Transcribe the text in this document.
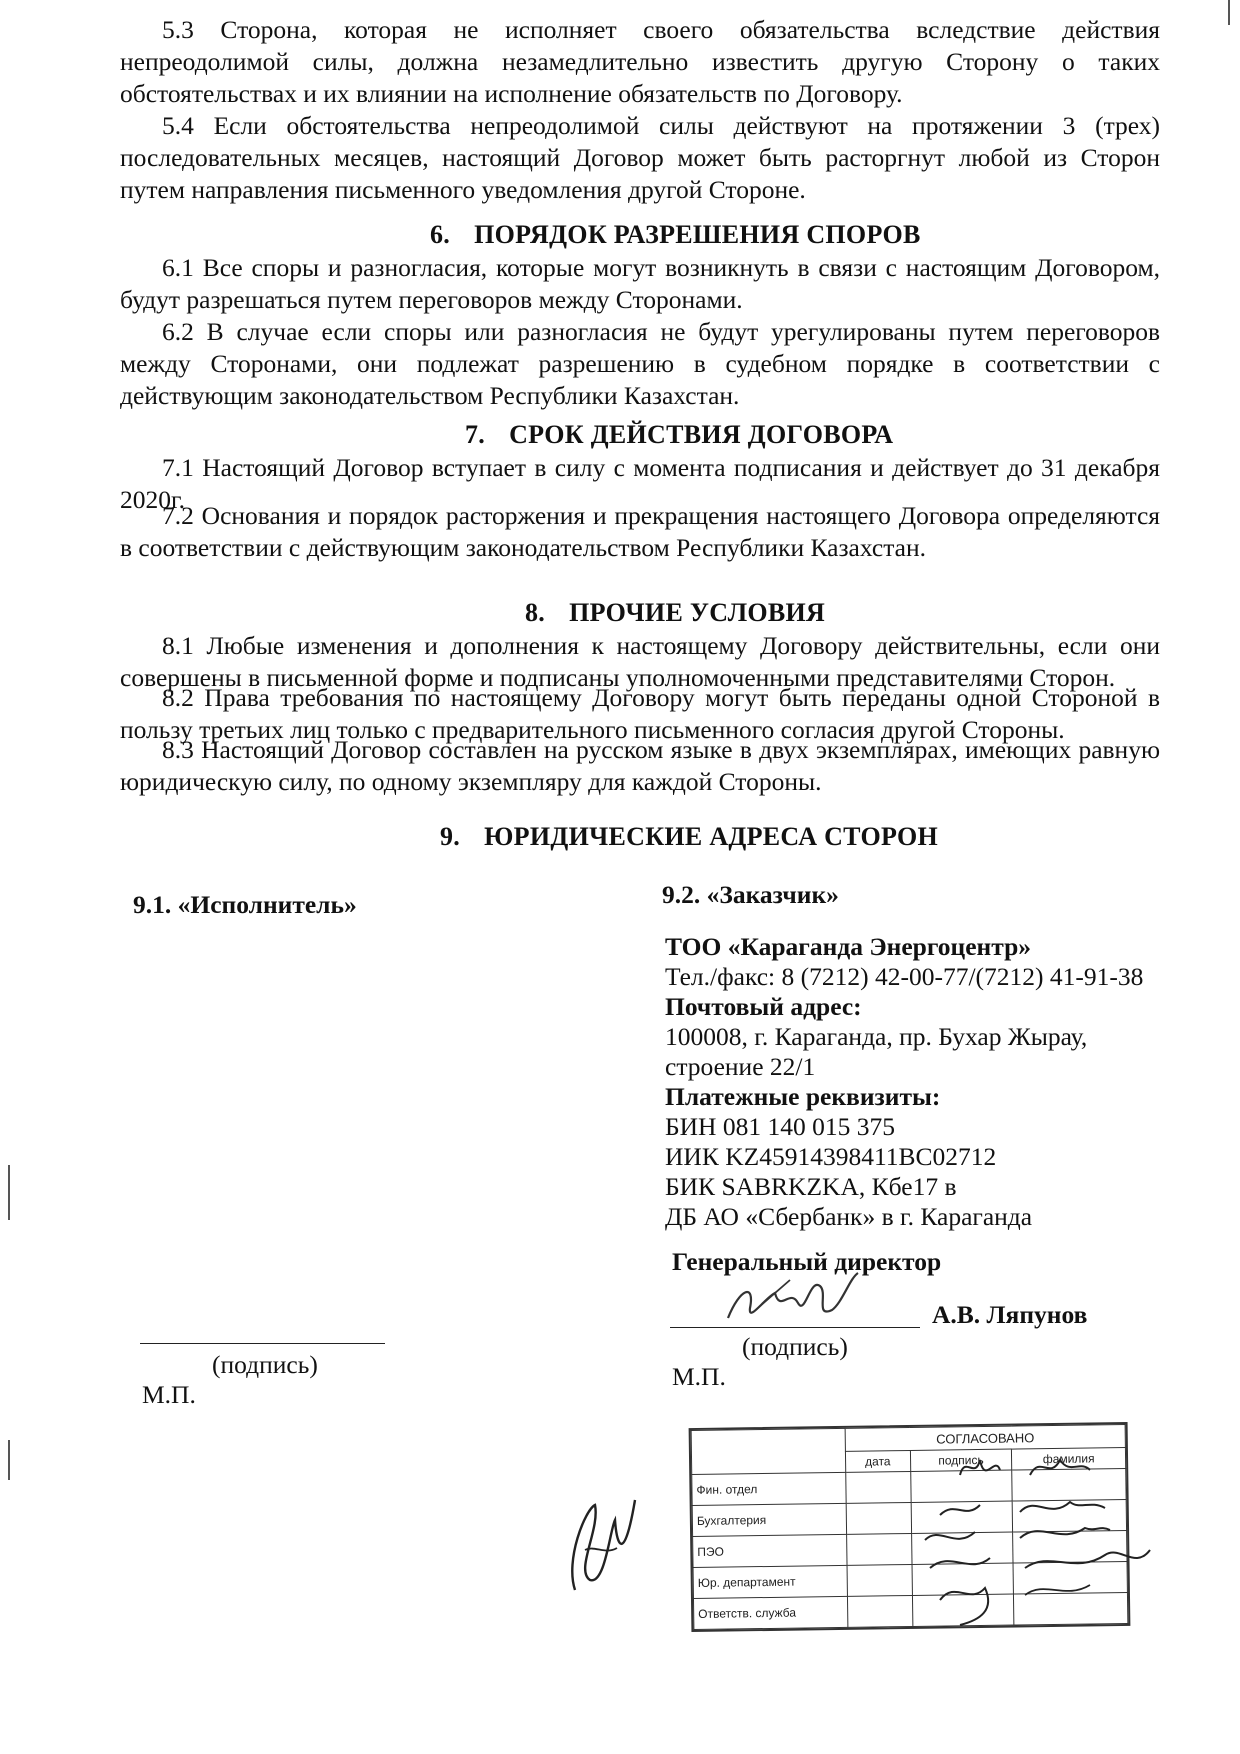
5.3 Сторона, которая не исполняет своего обязательства вследствие действия непреодолимой силы, должна незамедлительно известить другую Сторону о таких обстоятельствах и их влиянии на исполнение обязательств по Договору.

5.4 Если обстоятельства непреодолимой силы действуют на протяжении 3 (трех) последовательных месяцев, настоящий Договор может быть расторгнут любой из Сторон путем направления письменного уведомления другой Стороне.

6. ПОРЯДОК РАЗРЕШЕНИЯ СПОРОВ

6.1 Все споры и разногласия, которые могут возникнуть в связи с настоящим Договором, будут разрешаться путем переговоров между Сторонами.

6.2 В случае если споры или разногласия не будут урегулированы путем переговоров между Сторонами, они подлежат разрешению в судебном порядке в соответствии с действующим законодательством Республики Казахстан.

7. СРОК ДЕЙСТВИЯ ДОГОВОРА

7.1 Настоящий Договор вступает в силу с момента подписания и действует до 31 декабря 2020г.

7.2 Основания и порядок расторжения и прекращения настоящего Договора определяются в соответствии с действующим законодательством Республики Казахстан.

8. ПРОЧИЕ УСЛОВИЯ

8.1 Любые изменения и дополнения к настоящему Договору действительны, если они совершены в письменной форме и подписаны уполномоченными представителями Сторон.

8.2 Права требования по настоящему Договору могут быть переданы одной Стороной в пользу третьих лиц только с предварительного письменного согласия другой Стороны.

8.3 Настоящий Договор составлен на русском языке в двух экземплярах, имеющих равную юридическую силу, по одному экземпляру для каждой Стороны.

9. ЮРИДИЧЕСКИЕ АДРЕСА СТОРОН
9.1. «Исполнитель»
(подпись)
М.П.
9.2. «Заказчик»
ТОО «Караганда Энергоцентр»
Тел./факс: 8 (7212) 42-00-77/(7212) 41-91-38
Почтовый адрес:
100008, г. Караганда, пр. Бухар Жырау,
строение 22/1
Платежные реквизиты:
БИН 081 140 015 375
ИИК KZ45914398411BC02712
БИК SABRKZKA, Кбе17 в
ДБ АО «Сбербанк» в г. Караганда
Генеральный директор
А.В. Ляпунов
(подпись)
М.П.
	СОГЛАСОВАНО		
	дата	подпись	фамилия
Фин. отдел			
Бухгалтерия			
ПЭО			
Юр. департамент			
Ответств. служба			
